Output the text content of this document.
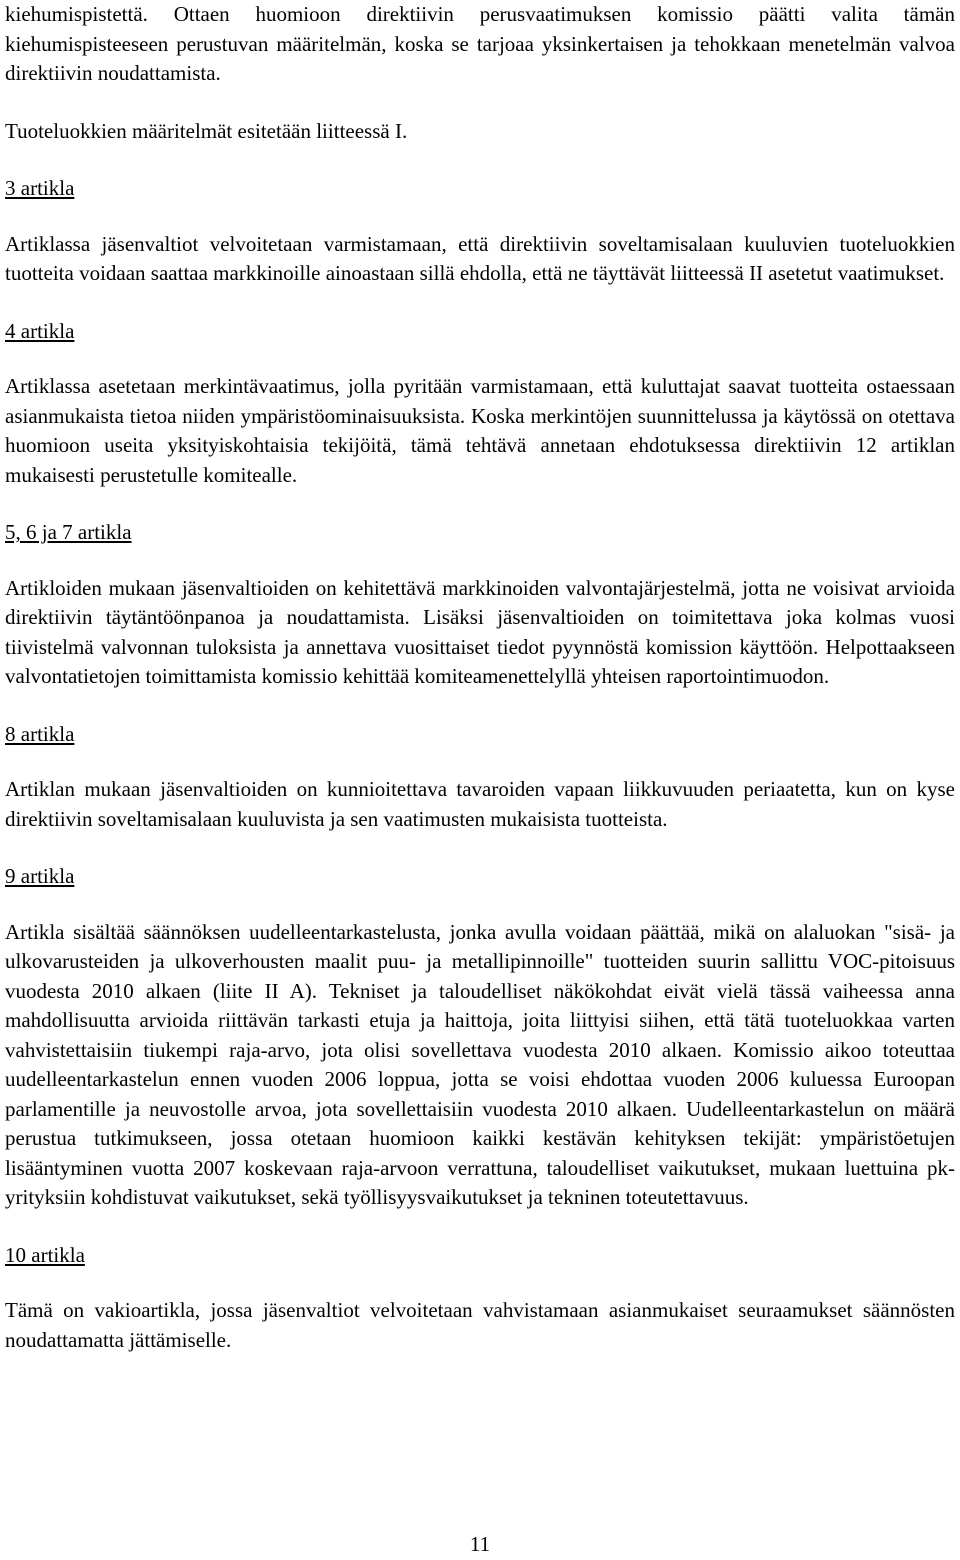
kiehumispistettä. Ottaen huomioon direktiivin perusvaatimuksen komissio päätti valita tämän kiehumispisteeseen perustuvan määritelmän, koska se tarjoaa yksinkertaisen ja tehokkaan menetelmän valvoa direktiivin noudattamista.

Tuoteluokkien määritelmät esitetään liitteessä I.

3 artikla

Artiklassa jäsenvaltiot velvoitetaan varmistamaan, että direktiivin soveltamisalaan kuuluvien tuoteluokkien tuotteita voidaan saattaa markkinoille ainoastaan sillä ehdolla, että ne täyttävät liitteessä II asetetut vaatimukset.

4 artikla

Artiklassa asetetaan merkintävaatimus, jolla pyritään varmistamaan, että kuluttajat saavat tuotteita ostaessaan asianmukaista tietoa niiden ympäristöominaisuuksista. Koska merkintöjen suunnittelussa ja käytössä on otettava huomioon useita yksityiskohtaisia tekijöitä, tämä tehtävä annetaan ehdotuksessa direktiivin 12 artiklan mukaisesti perustetulle komitealle.

5, 6 ja 7 artikla

Artikloiden mukaan jäsenvaltioiden on kehitettävä markkinoiden valvontajärjestelmä, jotta ne voisivat arvioida direktiivin täytäntöönpanoa ja noudattamista. Lisäksi jäsenvaltioiden on toimitettava joka kolmas vuosi tiivistelmä valvonnan tuloksista ja annettava vuosittaiset tiedot pyynnöstä komission käyttöön. Helpottaakseen valvontatietojen toimittamista komissio kehittää komiteamenettelyllä yhteisen raportointimuodon.

8 artikla

Artiklan mukaan jäsenvaltioiden on kunnioitettava tavaroiden vapaan liikkuvuuden periaatetta, kun on kyse direktiivin soveltamisalaan kuuluvista ja sen vaatimusten mukaisista tuotteista.

9 artikla

Artikla sisältää säännöksen uudelleentarkastelusta, jonka avulla voidaan päättää, mikä on alaluokan "sisä- ja ulkovarusteiden ja ulkoverhousten maalit puu- ja metallipinnoille" tuotteiden suurin sallittu VOC-pitoisuus vuodesta 2010 alkaen (liite II A). Tekniset ja taloudelliset näkökohdat eivät vielä tässä vaiheessa anna mahdollisuutta arvioida riittävän tarkasti etuja ja haittoja, joita liittyisi siihen, että tätä tuoteluokkaa varten vahvistettaisiin tiukempi raja-arvo, jota olisi sovellettava vuodesta 2010 alkaen. Komissio aikoo toteuttaa uudelleentarkastelun ennen vuoden 2006 loppua, jotta se voisi ehdottaa vuoden 2006 kuluessa Euroopan parlamentille ja neuvostolle arvoa, jota sovellettaisiin vuodesta 2010 alkaen. Uudelleentarkastelun on määrä perustua tutkimukseen, jossa otetaan huomioon kaikki kestävän kehityksen tekijät: ympäristöetujen lisääntyminen vuotta 2007 koskevaan raja-arvoon verrattuna, taloudelliset vaikutukset, mukaan luettuina pk-yrityksiin kohdistuvat vaikutukset, sekä työllisyysvaikutukset ja tekninen toteutettavuus.

10 artikla

Tämä on vakioartikla, jossa jäsenvaltiot velvoitetaan vahvistamaan asianmukaiset seuraamukset säännösten noudattamatta jättämiselle.

11
